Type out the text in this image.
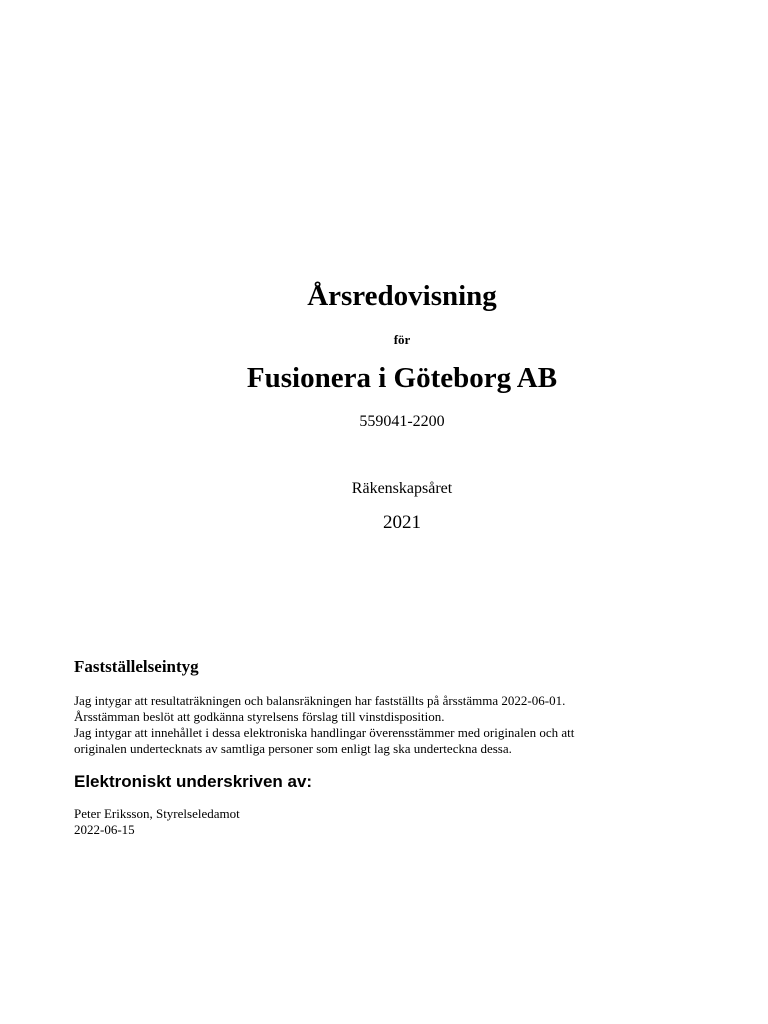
Årsredovisning

för

Fusionera i Göteborg AB

559041-2200

Räkenskapsåret

2021

Fastställelseintyg
Jag intygar att resultaträkningen och balansräkningen har fastställts på årsstämma 2022-06-01.
Årsstämman beslöt att godkänna styrelsens förslag till vinstdisposition.
Jag intygar att innehållet i dessa elektroniska handlingar överensstämmer med originalen och att
originalen undertecknats av samtliga personer som enligt lag ska underteckna dessa.
Elektroniskt underskriven av:
Peter Eriksson, Styrelseledamot
2022-06-15
